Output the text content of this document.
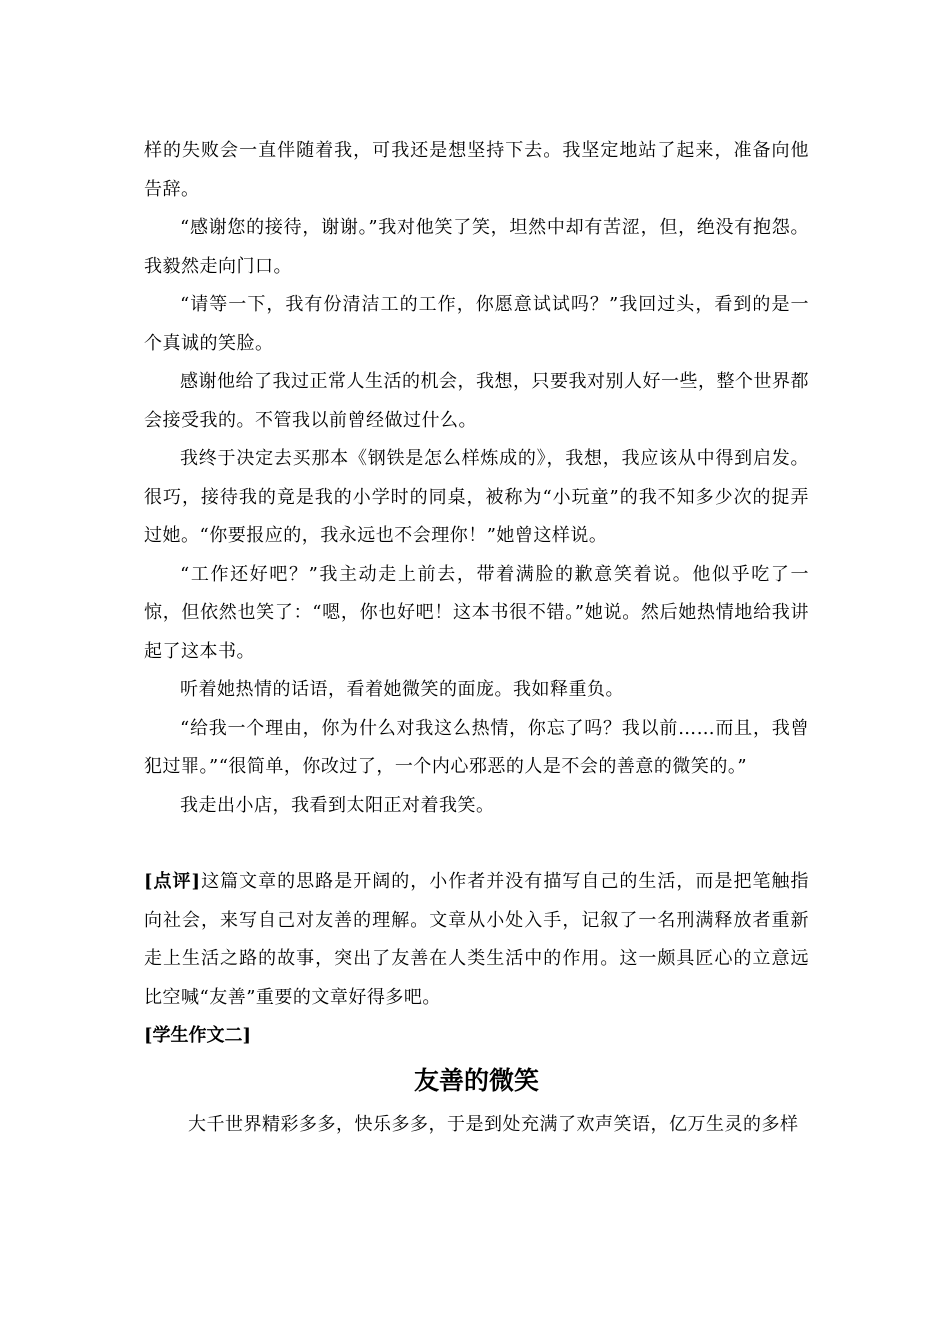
样的失败会一直伴随着我，可我还是想坚持下去。我坚定地站了起来，准备向他告辞。

“感谢您的接待，谢谢。”我对他笑了笑，坦然中却有苦涩，但，绝没有抱怨。我毅然走向门口。

“请等一下，我有份清洁工的工作，你愿意试试吗？”我回过头，看到的是一个真诚的笑脸。

感谢他给了我过正常人生活的机会，我想，只要我对别人好一些，整个世界都会接受我的。不管我以前曾经做过什么。

我终于决定去买那本《钢铁是怎么样炼成的》，我想，我应该从中得到启发。很巧，接待我的竟是我的小学时的同桌，被称为“小玩童”的我不知多少次的捉弄过她。“你要报应的，我永远也不会理你！”她曾这样说。

“工作还好吧？”我主动走上前去，带着满脸的歉意笑着说。他似乎吃了一惊，但依然也笑了：“嗯，你也好吧！这本书很不错。”她说。然后她热情地给我讲起了这本书。

听着她热情的话语，看着她微笑的面庞。我如释重负。

“给我一个理由，你为什么对我这么热情，你忘了吗？我以前……而且，我曾犯过罪。”“很简单，你改过了，一个内心邪恶的人是不会的善意的微笑的。”

我走出小店，我看到太阳正对着我笑。

[点评]这篇文章的思路是开阔的，小作者并没有描写自己的生活，而是把笔触指向社会，来写自己对友善的理解。文章从小处入手，记叙了一名刑满释放者重新走上生活之路的故事，突出了友善在人类生活中的作用。这一颇具匠心的立意远比空喊“友善”重要的文章好得多吧。

[学生作文二]

友善的微笑

大千世界精彩多多，快乐多多，于是到处充满了欢声笑语，亿万生灵的多样
